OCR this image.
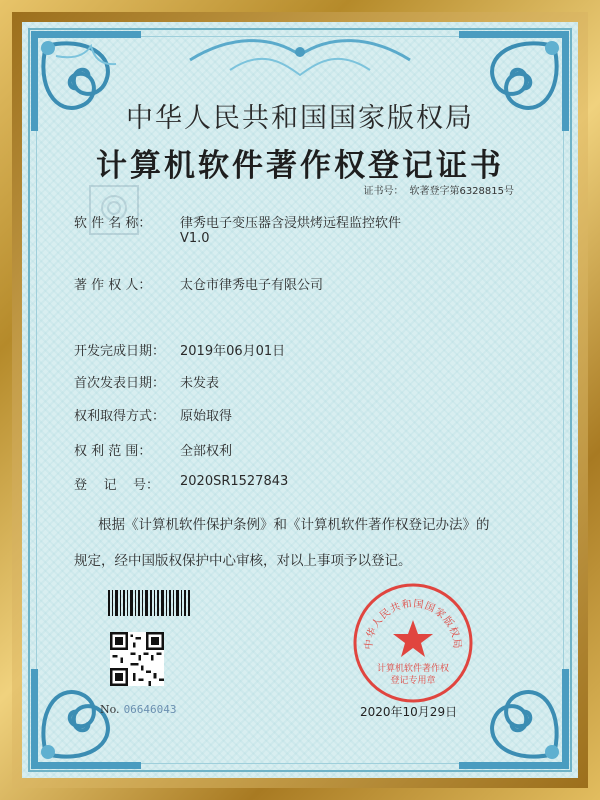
中华人民共和国国家版权局
计算机软件著作权登记证书
证书号： 软著登字第6328815号
软 件 名 称： 律秀电子变压器含浸烘烤远程监控软件
V1.0
著 作 权 人： 太仓市律秀电子有限公司
开发完成日期： 2019年06月01日
首次发表日期： 未发表
权利取得方式： 原始取得
权 利 范 围： 全部权利
登    记    号： 2020SR1527843
根据《计算机软件保护条例》和《计算机软件著作权登记办法》的
规定，经中国版权保护中心审核，对以上事项予以登记。
No. 06646043
中华人民共和国国家版权局
计算机软件著作权
登记专用章
2020年10月29日
